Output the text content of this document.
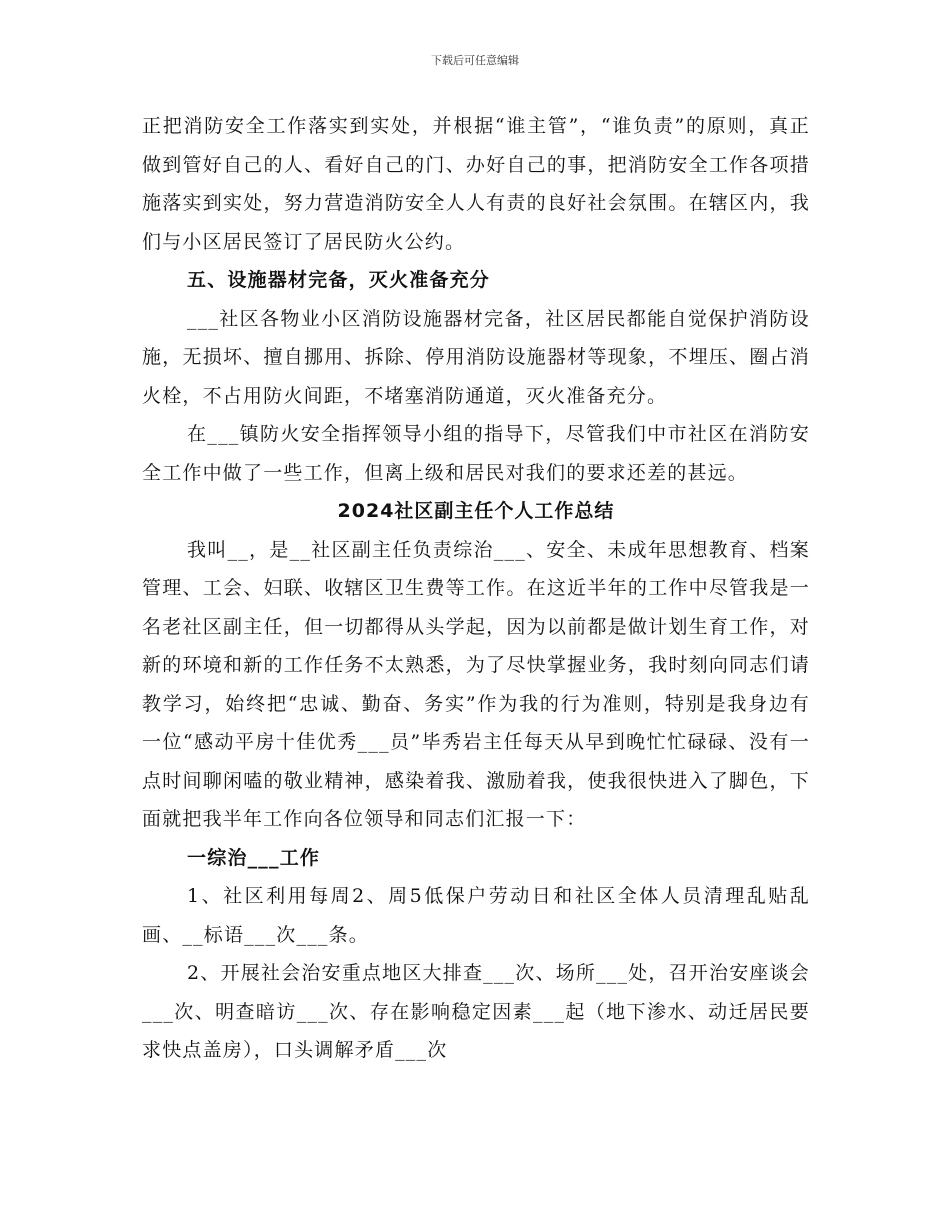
下载后可任意编辑

正把消防安全工作落实到实处，并根据“谁主管”，“谁负责”的原则，真正做到管好自己的人、看好自己的门、办好自己的事，把消防安全工作各项措施落实到实处，努力营造消防安全人人有责的良好社会氛围。在辖区内，我们与小区居民签订了居民防火公约。

五、设施器材完备，灭火准备充分

___社区各物业小区消防设施器材完备，社区居民都能自觉保护消防设施，无损坏、擅自挪用、拆除、停用消防设施器材等现象，不埋压、圈占消火栓，不占用防火间距，不堵塞消防通道，灭火准备充分。

在___镇防火安全指挥领导小组的指导下，尽管我们中市社区在消防安全工作中做了一些工作，但离上级和居民对我们的要求还差的甚远。

2024社区副主任个人工作总结

我叫__，是__社区副主任负责综治___、安全、未成年思想教育、档案管理、工会、妇联、收辖区卫生费等工作。在这近半年的工作中尽管我是一名老社区副主任，但一切都得从头学起，因为以前都是做计划生育工作，对新的环境和新的工作任务不太熟悉，为了尽快掌握业务，我时刻向同志们请教学习，始终把“忠诚、勤奋、务实”作为我的行为准则，特别是我身边有一位“感动平房十佳优秀___员”毕秀岩主任每天从早到晚忙忙碌碌、没有一点时间聊闲嗑的敬业精神，感染着我、激励着我，使我很快进入了脚色，下面就把我半年工作向各位领导和同志们汇报一下：

一综治___工作

1、社区利用每周2、周5低保户劳动日和社区全体人员清理乱贴乱画、__标语___次___条。

2、开展社会治安重点地区大排查___次、场所___处，召开治安座谈会___次、明查暗访___次、存在影响稳定因素___起（地下渗水、动迁居民要求快点盖房），口头调解矛盾___次
